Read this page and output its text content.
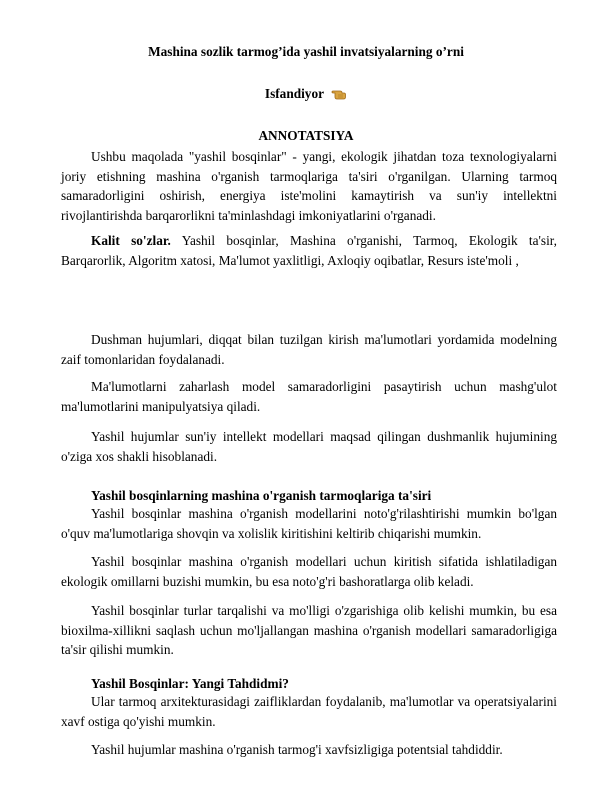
Mashina sozlik tarmog’ida yashil invatsiyalarning o’rni
Isfandiyor
ANNOTATSIYA

Ushbu maqolada "yashil bosqinlar" - yangi, ekologik jihatdan toza texnologiyalarni joriy etishning mashina o'rganish tarmoqlariga ta'siri o'rganilgan. Ularning tarmoq samaradorligini oshirish, energiya iste'molini kamaytirish va sun'iy intellektni rivojlantirishda barqarorlikni ta'minlashdagi imkoniyatlarini o'rganadi.

Kalit so'zlar. Yashil bosqinlar, Mashina o'rganishi, Tarmoq, Ekologik ta'sir, Barqarorlik, Algoritm xatosi, Ma'lumot yaxlitligi, Axloqiy oqibatlar, Resurs iste'moli ,

Dushman hujumlari, diqqat bilan tuzilgan kirish ma'lumotlari yordamida modelning zaif tomonlaridan foydalanadi.

Ma'lumotlarni zaharlash model samaradorligini pasaytirish uchun mashg'ulot ma'lumotlarini manipulyatsiya qiladi.

Yashil hujumlar sun'iy intellekt modellari maqsad qilingan dushmanlik hujumining o'ziga xos shakli hisoblanadi.

Yashil bosqinlarning mashina o'rganish tarmoqlariga ta'siri

Yashil bosqinlar mashina o'rganish modellarini noto'g'rilashtirishi mumkin bo'lgan o'quv ma'lumotlariga shovqin va xolislik kiritishini keltirib chiqarishi mumkin.

Yashil bosqinlar mashina o'rganish modellari uchun kiritish sifatida ishlatiladigan ekologik omillarni buzishi mumkin, bu esa noto'g'ri bashoratlarga olib keladi.

Yashil bosqinlar turlar tarqalishi va mo'lligi o'zgarishiga olib kelishi mumkin, bu esa bioxilma-xillikni saqlash uchun mo'ljallangan mashina o'rganish modellari samaradorligiga ta'sir qilishi mumkin.

Yashil Bosqinlar: Yangi Tahdidmi?

Ular tarmoq arxitekturasidagi zaifliklardan foydalanib, ma'lumotlar va operatsiyalarini xavf ostiga qo'yishi mumkin.

Yashil hujumlar mashina o'rganish tarmog'i xavfsizligiga potentsial tahdiddir.
